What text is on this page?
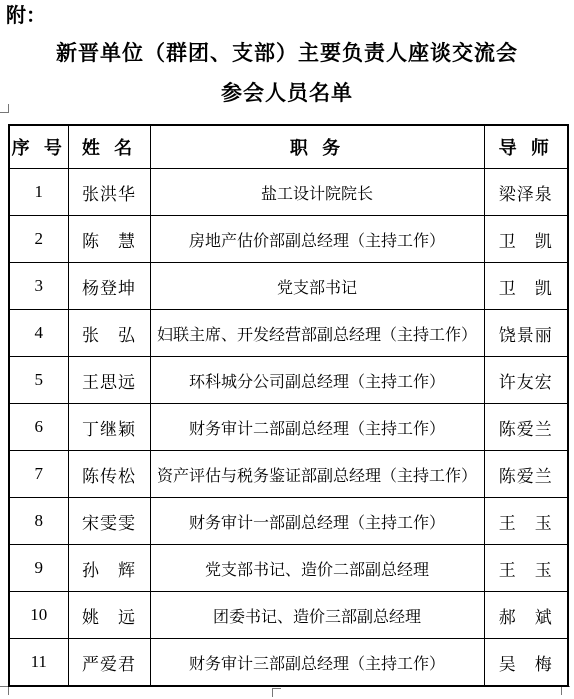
附：
新晋单位（群团、支部）主要负责人座谈交流会
参会人员名单
序 号	姓 名	职 务	导 师
1	张洪华	盐工设计院院长	梁泽泉
2	陈　慧	房地产估价部副总经理（主持工作）	卫　凯
3	杨登坤	党支部书记	卫　凯
4	张　弘	妇联主席、开发经营部副总经理（主持工作）	饶景丽
5	王思远	环科城分公司副总经理（主持工作）	许友宏
6	丁继颖	财务审计二部副总经理（主持工作）	陈爱兰
7	陈传松	资产评估与税务鉴证部副总经理（主持工作）	陈爱兰
8	宋雯雯	财务审计一部副总经理（主持工作）	王　玉
9	孙　辉	党支部书记、造价二部副总经理	王　玉
10	姚　远	团委书记、造价三部副总经理	郝　斌
11	严爱君	财务审计三部副总经理（主持工作）	吴　梅
